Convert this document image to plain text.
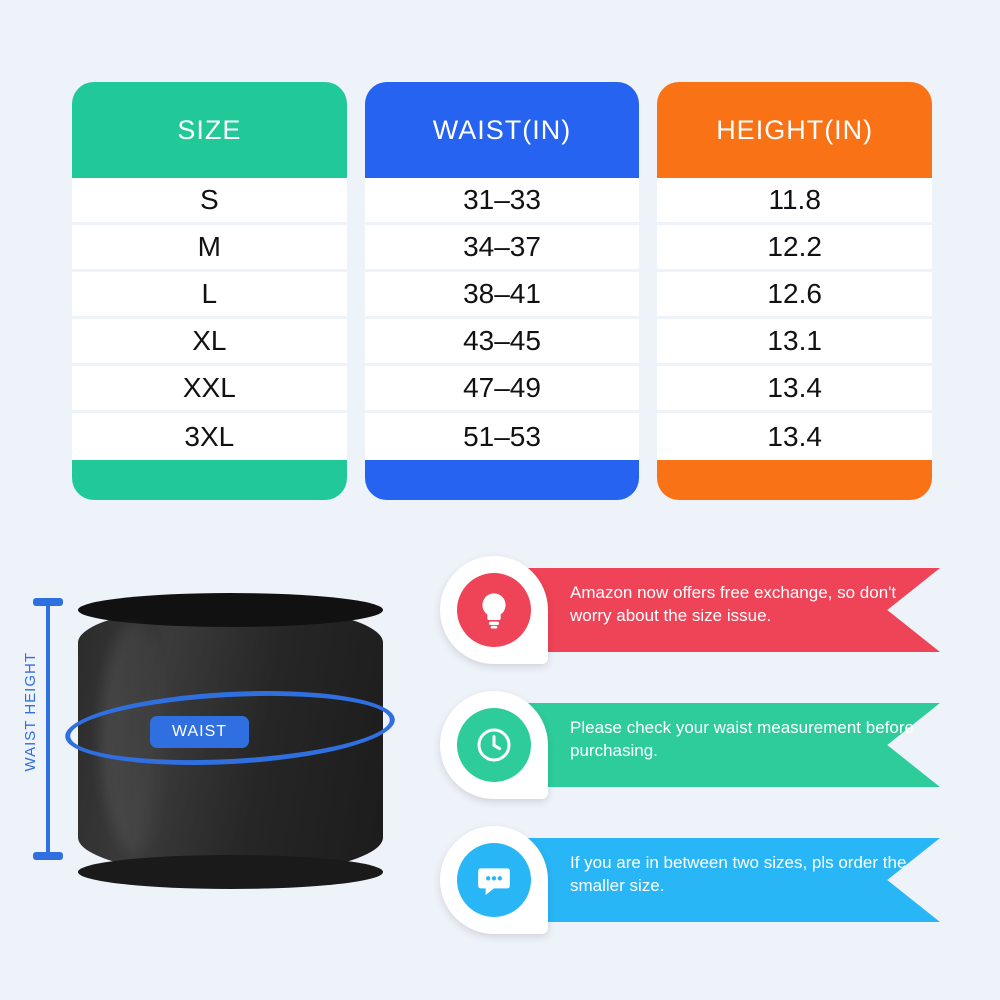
SIZE
S
M
L
XL
XXL
3XL
WAIST(IN)
31–33
34–37
38–41
43–45
47–49
51–53
HEIGHT(IN)
11.8
12.2
12.6
13.1
13.4
13.4
WAIST
WAIST HEIGHT
Amazon now offers free exchange, so don't worry about the size issue.
Please check your waist measurement before purchasing.
If you are in between two sizes, pls order the smaller size.
